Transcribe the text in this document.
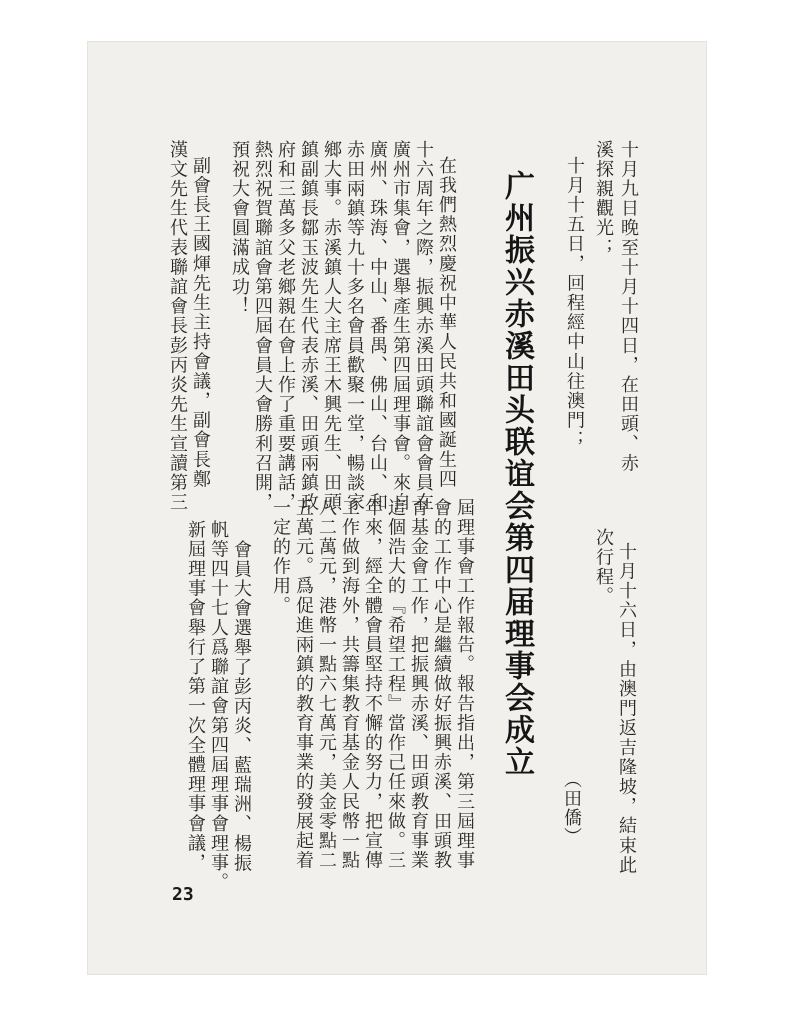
十月九日晚至十月十四日，在田頭、赤
溪探親觀光；
十月十五日，回程經中山往澳門；
广州振兴赤溪田头联谊会第四届理事会成立
在我們熱烈慶祝中華人民共和國誕生四
十六周年之際，振興赤溪田頭聯誼會會員在
廣州市集會，選舉產生第四屆理事會。來自
廣州、珠海、中山、番禺、佛山、台山、和
赤田兩鎮等九十多名會員歡聚一堂，暢談家
鄉大事。赤溪鎮人大主席王木興先生、田頭
鎮副鎮長鄒玉波先生代表赤溪、田頭兩鎮政
府和三萬多父老鄉親在會上作了重要講話，
熱烈祝賀聯誼會第四屆會員大會勝利召開，
預祝大會圓滿成功！
副會長王國煇先生主持會議，副會長鄭
漢文先生代表聯誼會長彭丙炎先生宣讀第三
次行程。 十月十六日，由澳門返吉隆坡，結束此
（田僑）
屆理事會工作報告。報告指出，第三屆理事
會的工作中心是繼續做好振興赤溪、田頭教
育基金會工作，把振興赤溪、田頭教育事業
這個浩大的『希望工程』當作己任來做。三
年來，經全體會員堅持不懈的努力，把宣傳
工作做到海外，共籌集教育基金人民幣一點
八二萬元，港幣一點六七萬元，美金零點二
五萬元。爲促進兩鎮的教育事業的發展起着
一定的作用。
會員大會選舉了彭丙炎、藍瑞洲、楊振
帆等四十七人爲聯誼會第四屆理事會理事。
新屆理事會舉行了第一次全體理事會議，
23
